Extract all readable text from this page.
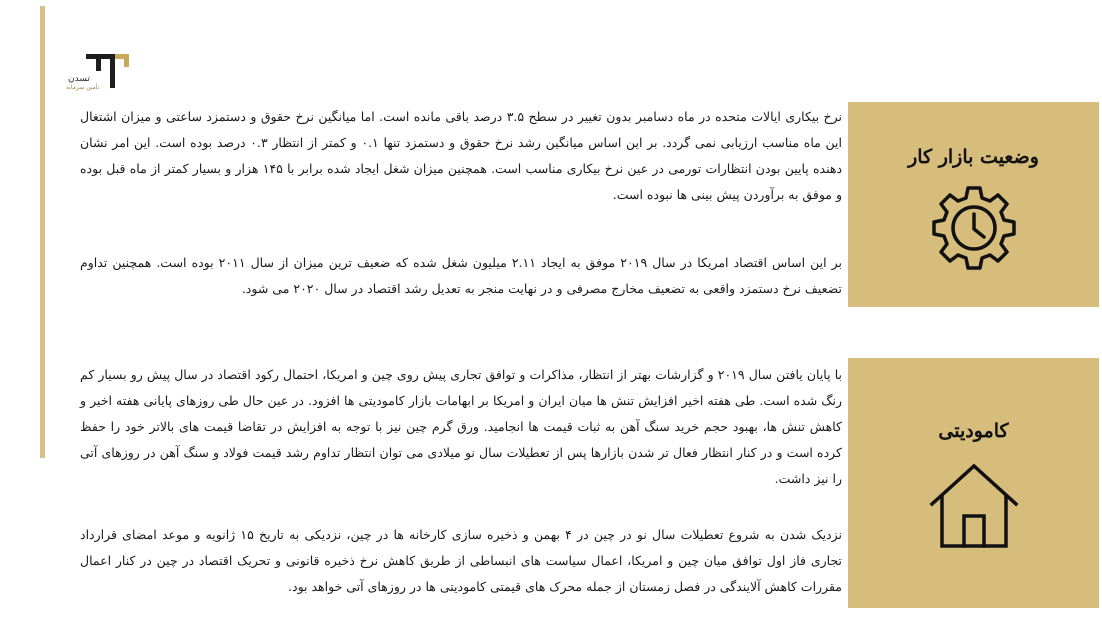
تسدن
تأمین سرمایه

نرخ بیکاری ایالات متحده در ماه دسامبر بدون تغییر در سطح ۳.۵ درصد باقی مانده است. اما میانگین نرخ حقوق و دستمزد ساعتی و میزان اشتغال این ماه مناسب ارزیابی نمی گردد. بر این اساس میانگین رشد نرخ حقوق و دستمزد تنها ۰.۱ و کمتر از انتظار ۰.۳ درصد بوده است. این امر نشان دهنده پایین بودن انتظارات تورمی در عین نرخ بیکاری مناسب است. همچنین میزان شغل ایجاد شده برابر با ۱۴۵ هزار و بسیار کمتر از ماه قبل بوده و موفق به برآوردن پیش بینی ها نبوده است.

بر این اساس اقتصاد امریکا در سال ۲۰۱۹ موفق به ایجاد ۲.۱۱ میلیون شغل شده که ضعیف ترین میزان از سال ۲۰۱۱ بوده است. همچنین تداوم تضعیف نرخ دستمزد واقعی به تضعیف مخارج مصرفی و در نهایت منجر به تعدیل رشد اقتصاد در سال ۲۰۲۰ می شود.

وضعیت بازار کار

با پایان یافتن سال ۲۰۱۹ و گزارشات بهتر از انتظار، مذاکرات و توافق تجاری پیش روی چین و امریکا، احتمال رکود اقتصاد در سال پیش رو بسیار کم رنگ شده است. طی هفته اخیر افزایش تنش ها میان ایران و امریکا بر ابهامات بازار کامودیتی ها افزود. در عین حال طی روزهای پایانی هفته اخیر و کاهش تنش ها، بهبود حجم خرید سنگ آهن به ثبات قیمت ها انجامید. ورق گرم چین نیز با توجه به افزایش در تقاضا قیمت های بالاتر خود را حفظ کرده است و در کنار انتظار فعال تر شدن بازارها پس از تعطیلات سال نو میلادی می توان انتظار تداوم رشد قیمت فولاد و سنگ آهن در روزهای آتی را نیز داشت.

نزدیک شدن به شروع تعطیلات سال نو در چین در ۴ بهمن و ذخیره سازی کارخانه ها در چین، نزدیکی به تاریخ ۱۵ ژانویه و موعد امضای قرارداد تجاری فاز اول توافق میان چین و امریکا، اعمال سیاست های انبساطی از طریق کاهش نرخ ذخیره قانونی و تحریک اقتصاد در چین در کنار اعمال مقررات کاهش آلایندگی در فصل زمستان از جمله محرک های قیمتی کامودیتی ها در روزهای آتی خواهد بود.

کامودیتی
